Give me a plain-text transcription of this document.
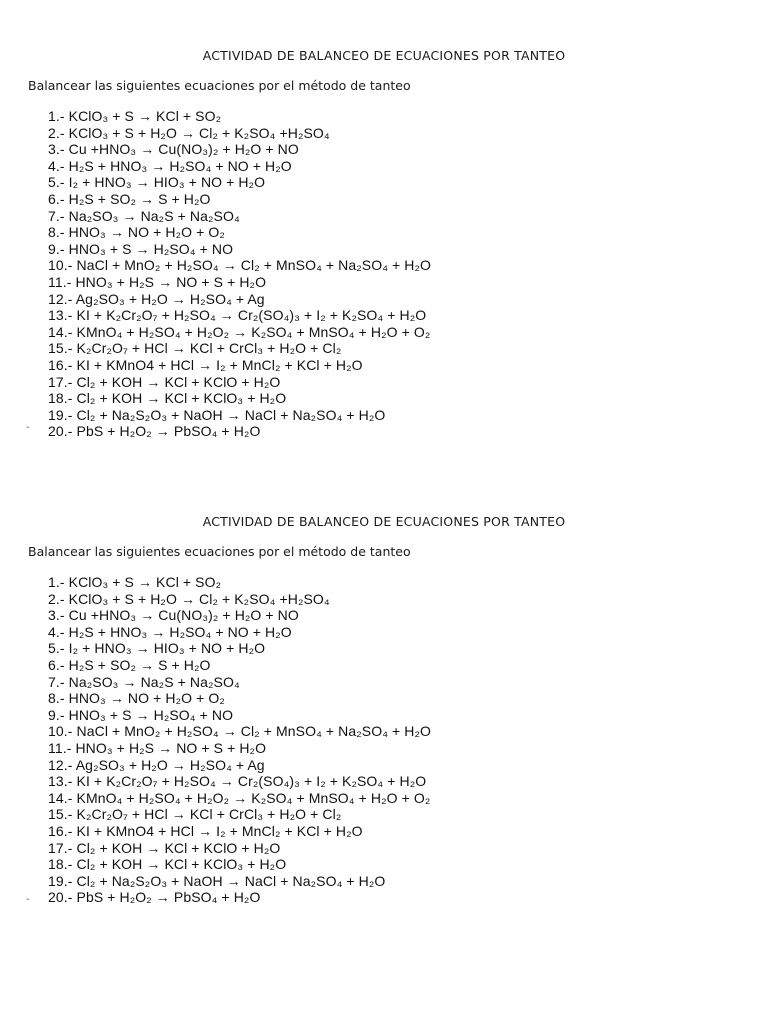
ACTIVIDAD DE BALANCEO DE ECUACIONES POR TANTEO
Balancear las siguientes ecuaciones por el método de tanteo
1.- KClO₃ + S → KCl + SO₂
2.- KClO₃ + S + H₂O → Cl₂ + K₂SO₄ +H₂SO₄
3.- Cu +HNO₃ → Cu(NO₃)₂ + H₂O + NO
4.- H₂S + HNO₃ → H₂SO₄ + NO + H₂O
5.- I₂ + HNO₃ → HIO₃ + NO + H₂O
6.- H₂S + SO₂ → S + H₂O
7.- Na₂SO₃ → Na₂S + Na₂SO₄
8.- HNO₃ → NO + H₂O + O₂
9.- HNO₃ + S → H₂SO₄ + NO
10.- NaCl + MnO₂ + H₂SO₄ → Cl₂ + MnSO₄ + Na₂SO₄ + H₂O
11.- HNO₃ + H₂S → NO + S + H₂O
12.- Ag₂SO₃ + H₂O → H₂SO₄ + Ag
13.- KI + K₂Cr₂O₇ + H₂SO₄ → Cr₂(SO₄)₃ + I₂ + K₂SO₄ + H₂O
14.- KMnO₄ + H₂SO₄ + H₂O₂ → K₂SO₄ + MnSO₄ + H₂O + O₂
15.- K₂Cr₂O₇ + HCl → KCl + CrCl₃ + H₂O + Cl₂
16.- KI + KMnO4 + HCl → I₂ + MnCl₂ + KCl + H₂O
17.- Cl₂ + KOH → KCl + KClO + H₂O
18.- Cl₂ + KOH → KCl + KClO₃ + H₂O
19.- Cl₂ + Na₂S₂O₃ + NaOH → NaCl + Na₂SO₄ + H₂O
20.- PbS + H₂O₂ → PbSO₄ + H₂O
-
ACTIVIDAD DE BALANCEO DE ECUACIONES POR TANTEO
Balancear las siguientes ecuaciones por el método de tanteo
1.- KClO₃ + S → KCl + SO₂
2.- KClO₃ + S + H₂O → Cl₂ + K₂SO₄ +H₂SO₄
3.- Cu +HNO₃ → Cu(NO₃)₂ + H₂O + NO
4.- H₂S + HNO₃ → H₂SO₄ + NO + H₂O
5.- I₂ + HNO₃ → HIO₃ + NO + H₂O
6.- H₂S + SO₂ → S + H₂O
7.- Na₂SO₃ → Na₂S + Na₂SO₄
8.- HNO₃ → NO + H₂O + O₂
9.- HNO₃ + S → H₂SO₄ + NO
10.- NaCl + MnO₂ + H₂SO₄ → Cl₂ + MnSO₄ + Na₂SO₄ + H₂O
11.- HNO₃ + H₂S → NO + S + H₂O
12.- Ag₂SO₃ + H₂O → H₂SO₄ + Ag
13.- KI + K₂Cr₂O₇ + H₂SO₄ → Cr₂(SO₄)₃ + I₂ + K₂SO₄ + H₂O
14.- KMnO₄ + H₂SO₄ + H₂O₂ → K₂SO₄ + MnSO₄ + H₂O + O₂
15.- K₂Cr₂O₇ + HCl → KCl + CrCl₃ + H₂O + Cl₂
16.- KI + KMnO4 + HCl → I₂ + MnCl₂ + KCl + H₂O
17.- Cl₂ + KOH → KCl + KClO + H₂O
18.- Cl₂ + KOH → KCl + KClO₃ + H₂O
19.- Cl₂ + Na₂S₂O₃ + NaOH → NaCl + Na₂SO₄ + H₂O
20.- PbS + H₂O₂ → PbSO₄ + H₂O
-
